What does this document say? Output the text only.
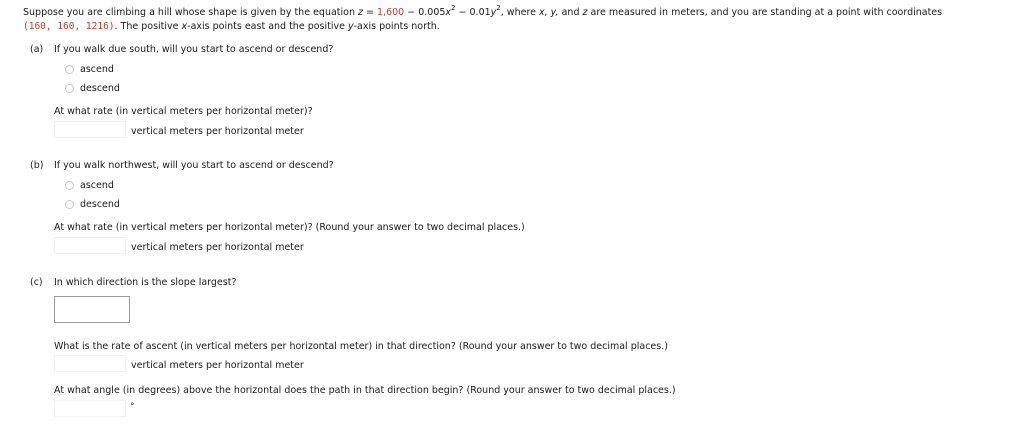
Suppose you are climbing a hill whose shape is given by the equation $z = 1,600 - 0.005x^2 - 0.01y^2$, where x, y, and z are measured in meters, and you are standing at a point with coordinates
(160, 160, 1216). The positive x-axis points east and the positive y-axis points north.
(a) If you walk due south, will you start to ascend or descend?
ascend
descend
At what rate (in vertical meters per horizontal meter)?
vertical meters per horizontal meter
(b) If you walk northwest, will you start to ascend or descend?
ascend
descend
At what rate (in vertical meters per horizontal meter)? (Round your answer to two decimal places.)
vertical meters per horizontal meter
(c) In which direction is the slope largest?
What is the rate of ascent (in vertical meters per horizontal meter) in that direction? (Round your answer to two decimal places.)
vertical meters per horizontal meter
At what angle (in degrees) above the horizontal does the path in that direction begin? (Round your answer to two decimal places.)
°
